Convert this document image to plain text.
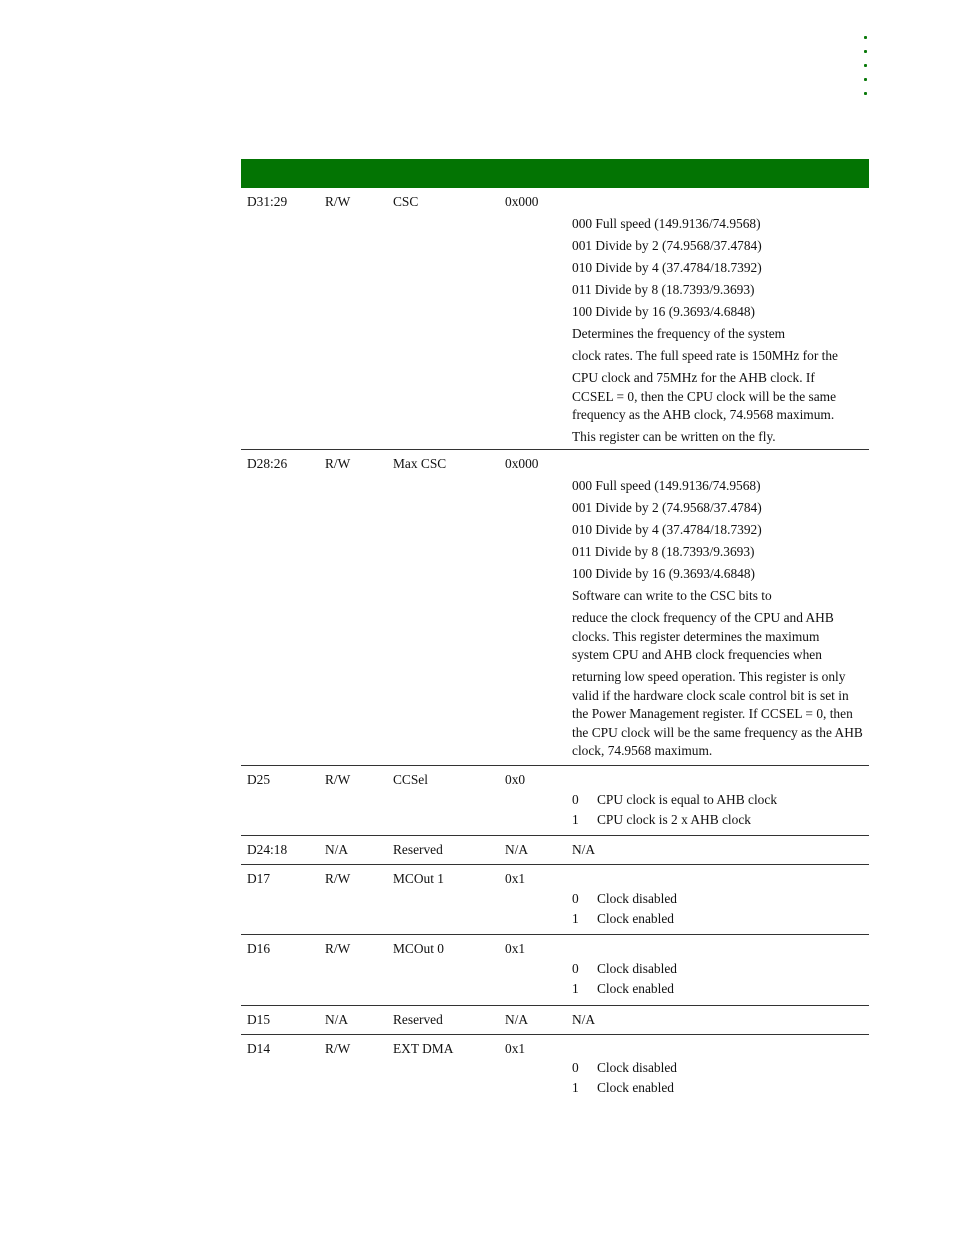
D31:29	R/W	CSC	0x000
000 Full speed (149.9136/74.9568)
001 Divide by 2 (74.9568/37.4784)
010 Divide by 4 (37.4784/18.7392)
011 Divide by 8 (18.7393/9.3693)
100 Divide by 16 (9.3693/4.6848)
Determines the frequency of the system
clock rates. The full speed rate is 150MHz for the
CPU clock and 75MHz for the AHB clock. If CCSEL = 0, then the CPU clock will be the same frequency as the AHB clock, 74.9568 maximum.
This register can be written on the fly.
D28:26	R/W	Max CSC	0x000
000 Full speed (149.9136/74.9568)
001 Divide by 2 (74.9568/37.4784)
010 Divide by 4 (37.4784/18.7392)
011 Divide by 8 (18.7393/9.3693)
100 Divide by 16 (9.3693/4.6848)
Software can write to the CSC bits to
reduce the clock frequency of the CPU and AHB clocks. This register determines the maximum system CPU and AHB clock frequencies when
returning low speed operation. This register is only valid if the hardware clock scale control bit is set in the Power Management register. If CCSEL = 0, then the CPU clock will be the same frequency as the AHB clock, 74.9568 maximum.
D25	R/W	CCSel	0x0
0 CPU clock is equal to AHB clock
1 CPU clock is 2 x AHB clock
D24:18	N/A	Reserved	N/A	N/A
D17	R/W	MCOut 1	0x1
0 Clock disabled
1 Clock enabled
D16	R/W	MCOut 0	0x1
0 Clock disabled
1 Clock enabled
D15	N/A	Reserved	N/A	N/A
D14	R/W	EXT DMA	0x1
0 Clock disabled
1 Clock enabled
